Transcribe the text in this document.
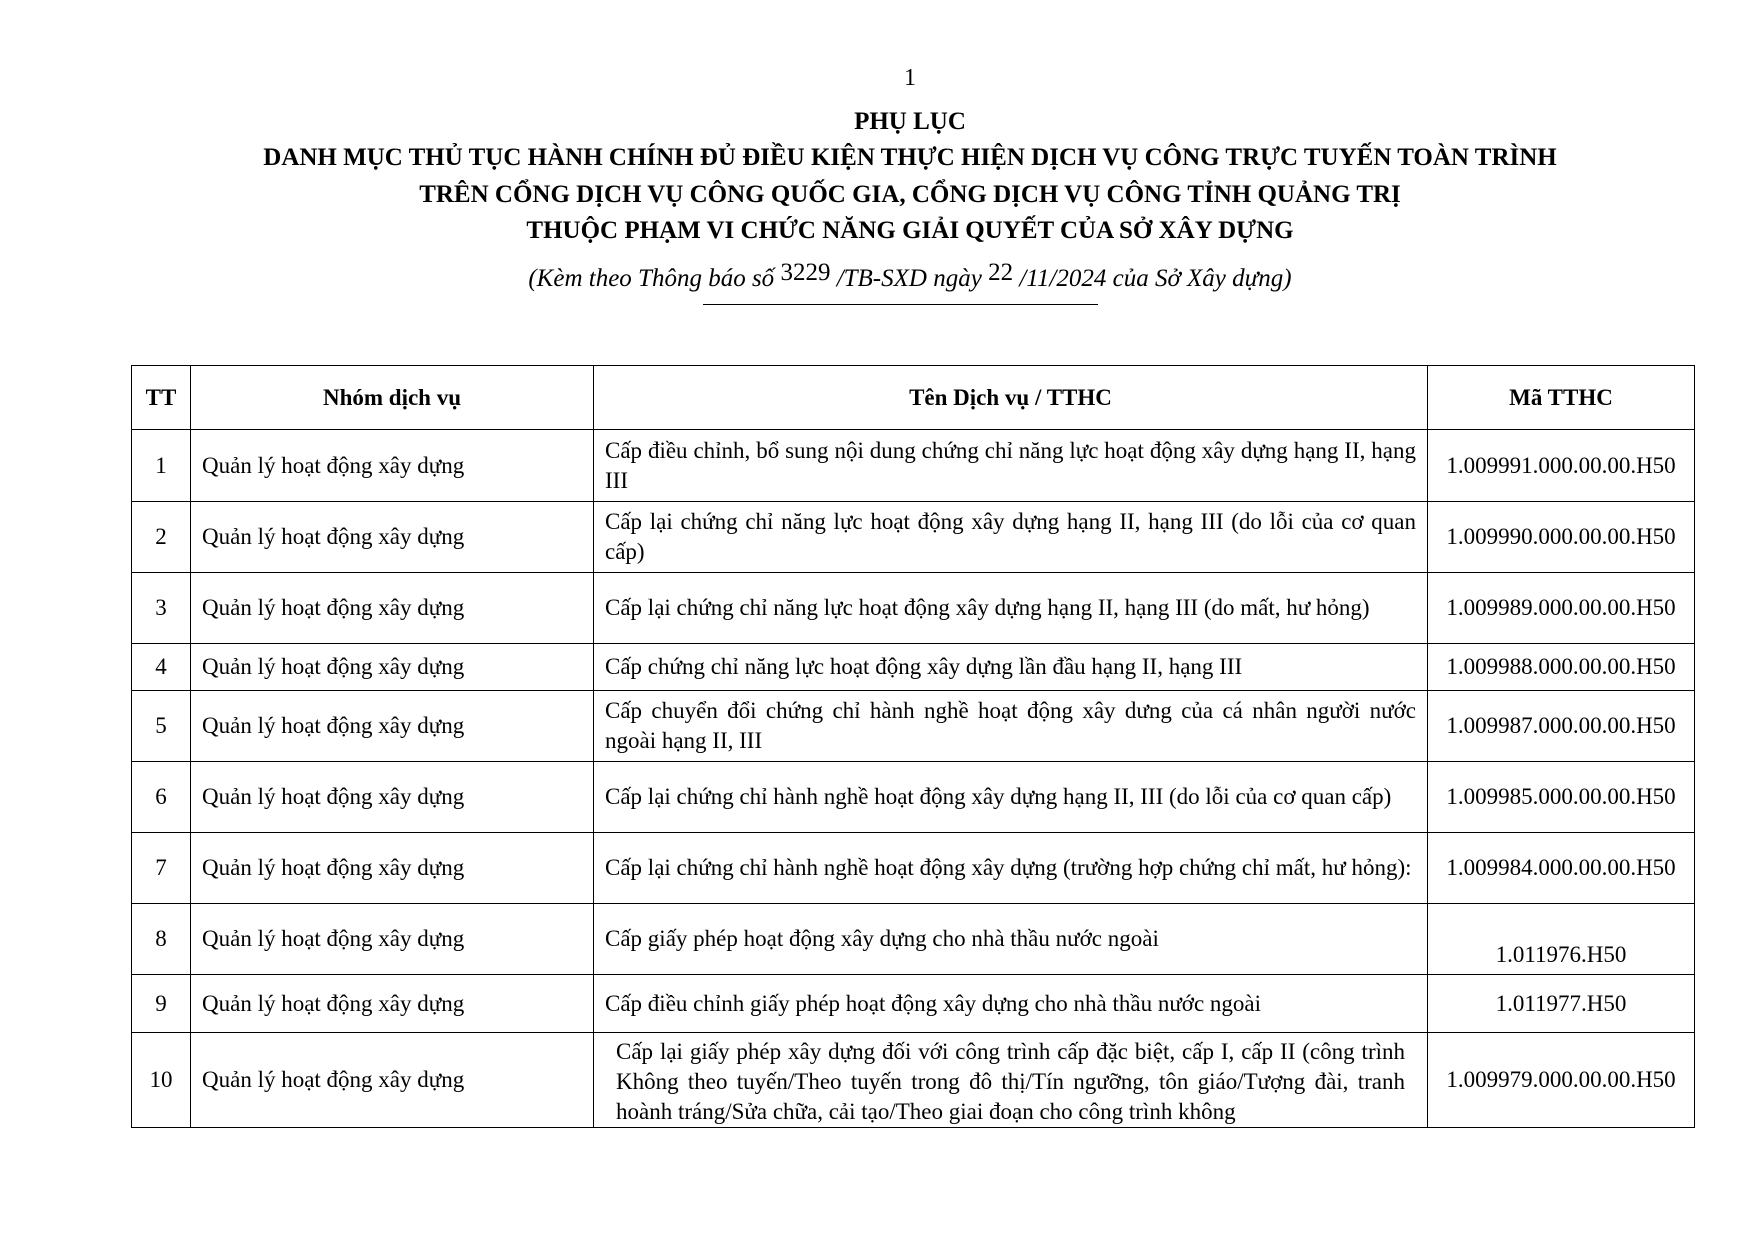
1
PHỤ LỤC
DANH MỤC THỦ TỤC HÀNH CHÍNH ĐỦ ĐIỀU KIỆN THỰC HIỆN DỊCH VỤ CÔNG TRỰC TUYẾN TOÀN TRÌNH
TRÊN CỔNG DỊCH VỤ CÔNG QUỐC GIA, CỔNG DỊCH VỤ CÔNG TỈNH QUẢNG TRỊ
THUỘC PHẠM VI CHỨC NĂNG GIẢI QUYẾT CỦA SỞ XÂY DỰNG
(Kèm theo Thông báo số 3229 /TB-SXD ngày 22 /11/2024 của Sở Xây dựng)
TT	Nhóm dịch vụ	Tên Dịch vụ / TTHC	Mã TTHC
1	Quản lý hoạt động xây dựng	Cấp điều chỉnh, bổ sung nội dung chứng chỉ năng lực hoạt động xây dựng hạng II, hạng III	1.009991.000.00.00.H50
2	Quản lý hoạt động xây dựng	Cấp lại chứng chỉ năng lực hoạt động xây dựng hạng II, hạng III (do lỗi của cơ quan cấp)	1.009990.000.00.00.H50
3	Quản lý hoạt động xây dựng	Cấp lại chứng chỉ năng lực hoạt động xây dựng hạng II, hạng III (do mất, hư hỏng)	1.009989.000.00.00.H50
4	Quản lý hoạt động xây dựng	Cấp chứng chỉ năng lực hoạt động xây dựng lần đầu hạng II, hạng III	1.009988.000.00.00.H50
5	Quản lý hoạt động xây dựng	Cấp chuyển đổi chứng chỉ hành nghề hoạt động xây dưng của cá nhân người nước ngoài hạng II, III	1.009987.000.00.00.H50
6	Quản lý hoạt động xây dựng	Cấp lại chứng chỉ hành nghề hoạt động xây dựng hạng II, III (do lỗi của cơ quan cấp)	1.009985.000.00.00.H50
7	Quản lý hoạt động xây dựng	Cấp lại chứng chỉ hành nghề hoạt động xây dựng (trường hợp chứng chỉ mất, hư hỏng):	1.009984.000.00.00.H50
8	Quản lý hoạt động xây dựng	Cấp giấy phép hoạt động xây dựng cho nhà thầu nước ngoài	1.011976.H50
9	Quản lý hoạt động xây dựng	Cấp điều chỉnh giấy phép hoạt động xây dựng cho nhà thầu nước ngoài	1.011977.H50
10	Quản lý hoạt động xây dựng	Cấp lại giấy phép xây dựng đối với công trình cấp đặc biệt, cấp I, cấp II (công trình Không theo tuyến/Theo tuyến trong đô thị/Tín ngưỡng, tôn giáo/Tượng đài, tranh hoành tráng/Sửa chữa, cải tạo/Theo giai đoạn cho công trình không	1.009979.000.00.00.H50
